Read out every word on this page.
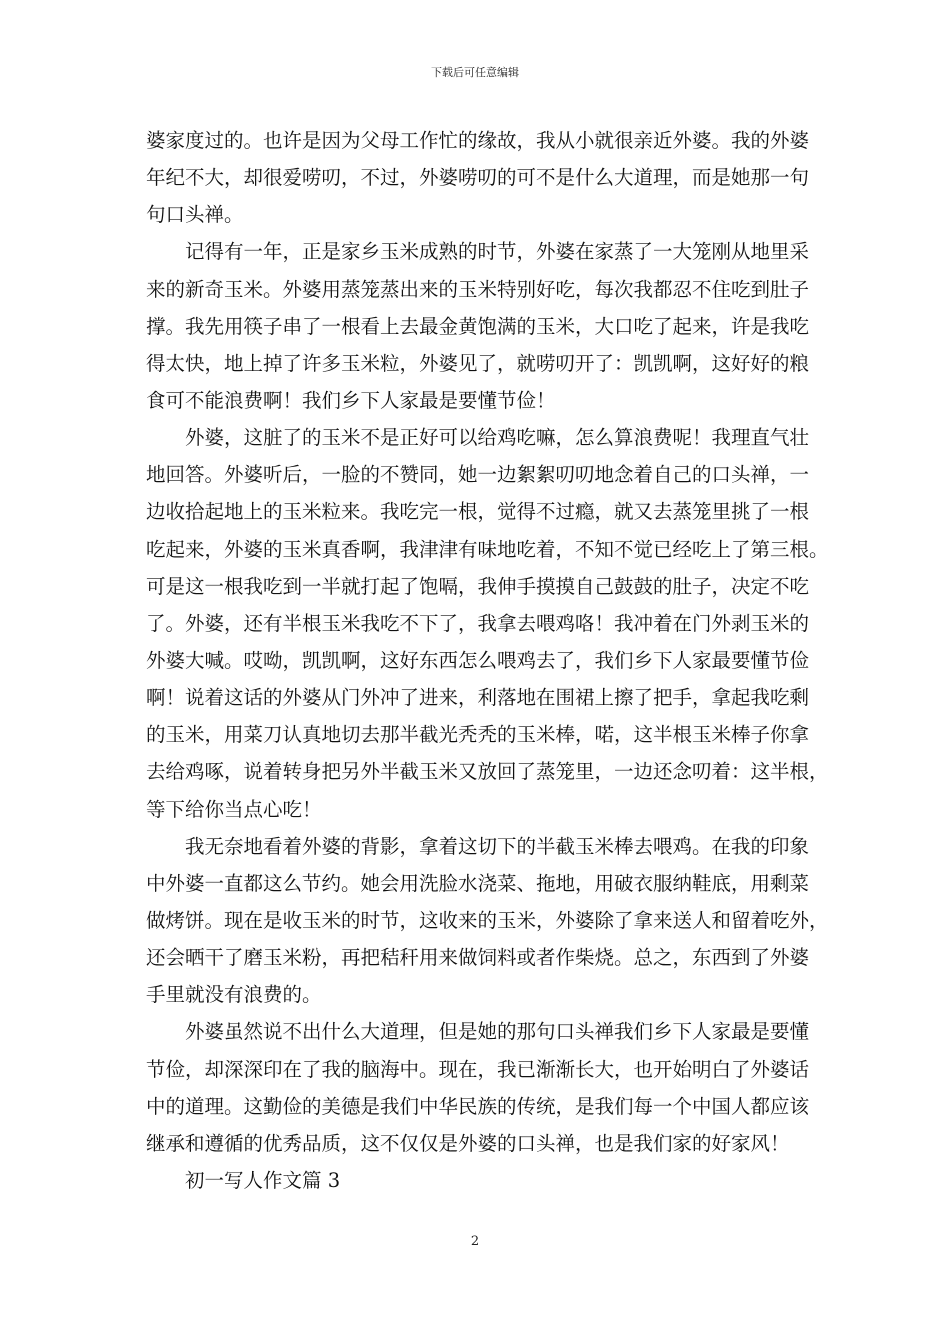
下载后可任意编辑
婆家度过的。也许是因为父母工作忙的缘故，我从小就很亲近外婆。我的外婆
年纪不大，却很爱唠叨，不过，外婆唠叨的可不是什么大道理，而是她那一句
句口头禅。
记得有一年，正是家乡玉米成熟的时节，外婆在家蒸了一大笼刚从地里采
来的新奇玉米。外婆用蒸笼蒸出来的玉米特别好吃，每次我都忍不住吃到肚子
撑。我先用筷子串了一根看上去最金黄饱满的玉米，大口吃了起来，许是我吃
得太快，地上掉了许多玉米粒，外婆见了，就唠叨开了：凯凯啊，这好好的粮
食可不能浪费啊！我们乡下人家最是要懂节俭！
外婆，这脏了的玉米不是正好可以给鸡吃嘛，怎么算浪费呢！我理直气壮
地回答。外婆听后，一脸的不赞同，她一边絮絮叨叨地念着自己的口头禅，一
边收拾起地上的玉米粒来。我吃完一根，觉得不过瘾，就又去蒸笼里挑了一根
吃起来，外婆的玉米真香啊，我津津有味地吃着，不知不觉已经吃上了第三根。
可是这一根我吃到一半就打起了饱嗝，我伸手摸摸自己鼓鼓的肚子，决定不吃
了。外婆，还有半根玉米我吃不下了，我拿去喂鸡咯！我冲着在门外剥玉米的
外婆大喊。哎呦，凯凯啊，这好东西怎么喂鸡去了，我们乡下人家最要懂节俭
啊！说着这话的外婆从门外冲了进来，利落地在围裙上擦了把手，拿起我吃剩
的玉米，用菜刀认真地切去那半截光秃秃的玉米棒，喏，这半根玉米棒子你拿
去给鸡啄，说着转身把另外半截玉米又放回了蒸笼里，一边还念叨着：这半根，
等下给你当点心吃！
我无奈地看着外婆的背影，拿着这切下的半截玉米棒去喂鸡。在我的印象
中外婆一直都这么节约。她会用洗脸水浇菜、拖地，用破衣服纳鞋底，用剩菜
做烤饼。现在是收玉米的时节，这收来的玉米，外婆除了拿来送人和留着吃外，
还会晒干了磨玉米粉，再把秸秆用来做饲料或者作柴烧。总之，东西到了外婆
手里就没有浪费的。
外婆虽然说不出什么大道理，但是她的那句口头禅我们乡下人家最是要懂
节俭，却深深印在了我的脑海中。现在，我已渐渐长大，也开始明白了外婆话
中的道理。这勤俭的美德是我们中华民族的传统，是我们每一个中国人都应该
继承和遵循的优秀品质，这不仅仅是外婆的口头禅，也是我们家的好家风！
初一写人作文篇 3
2
